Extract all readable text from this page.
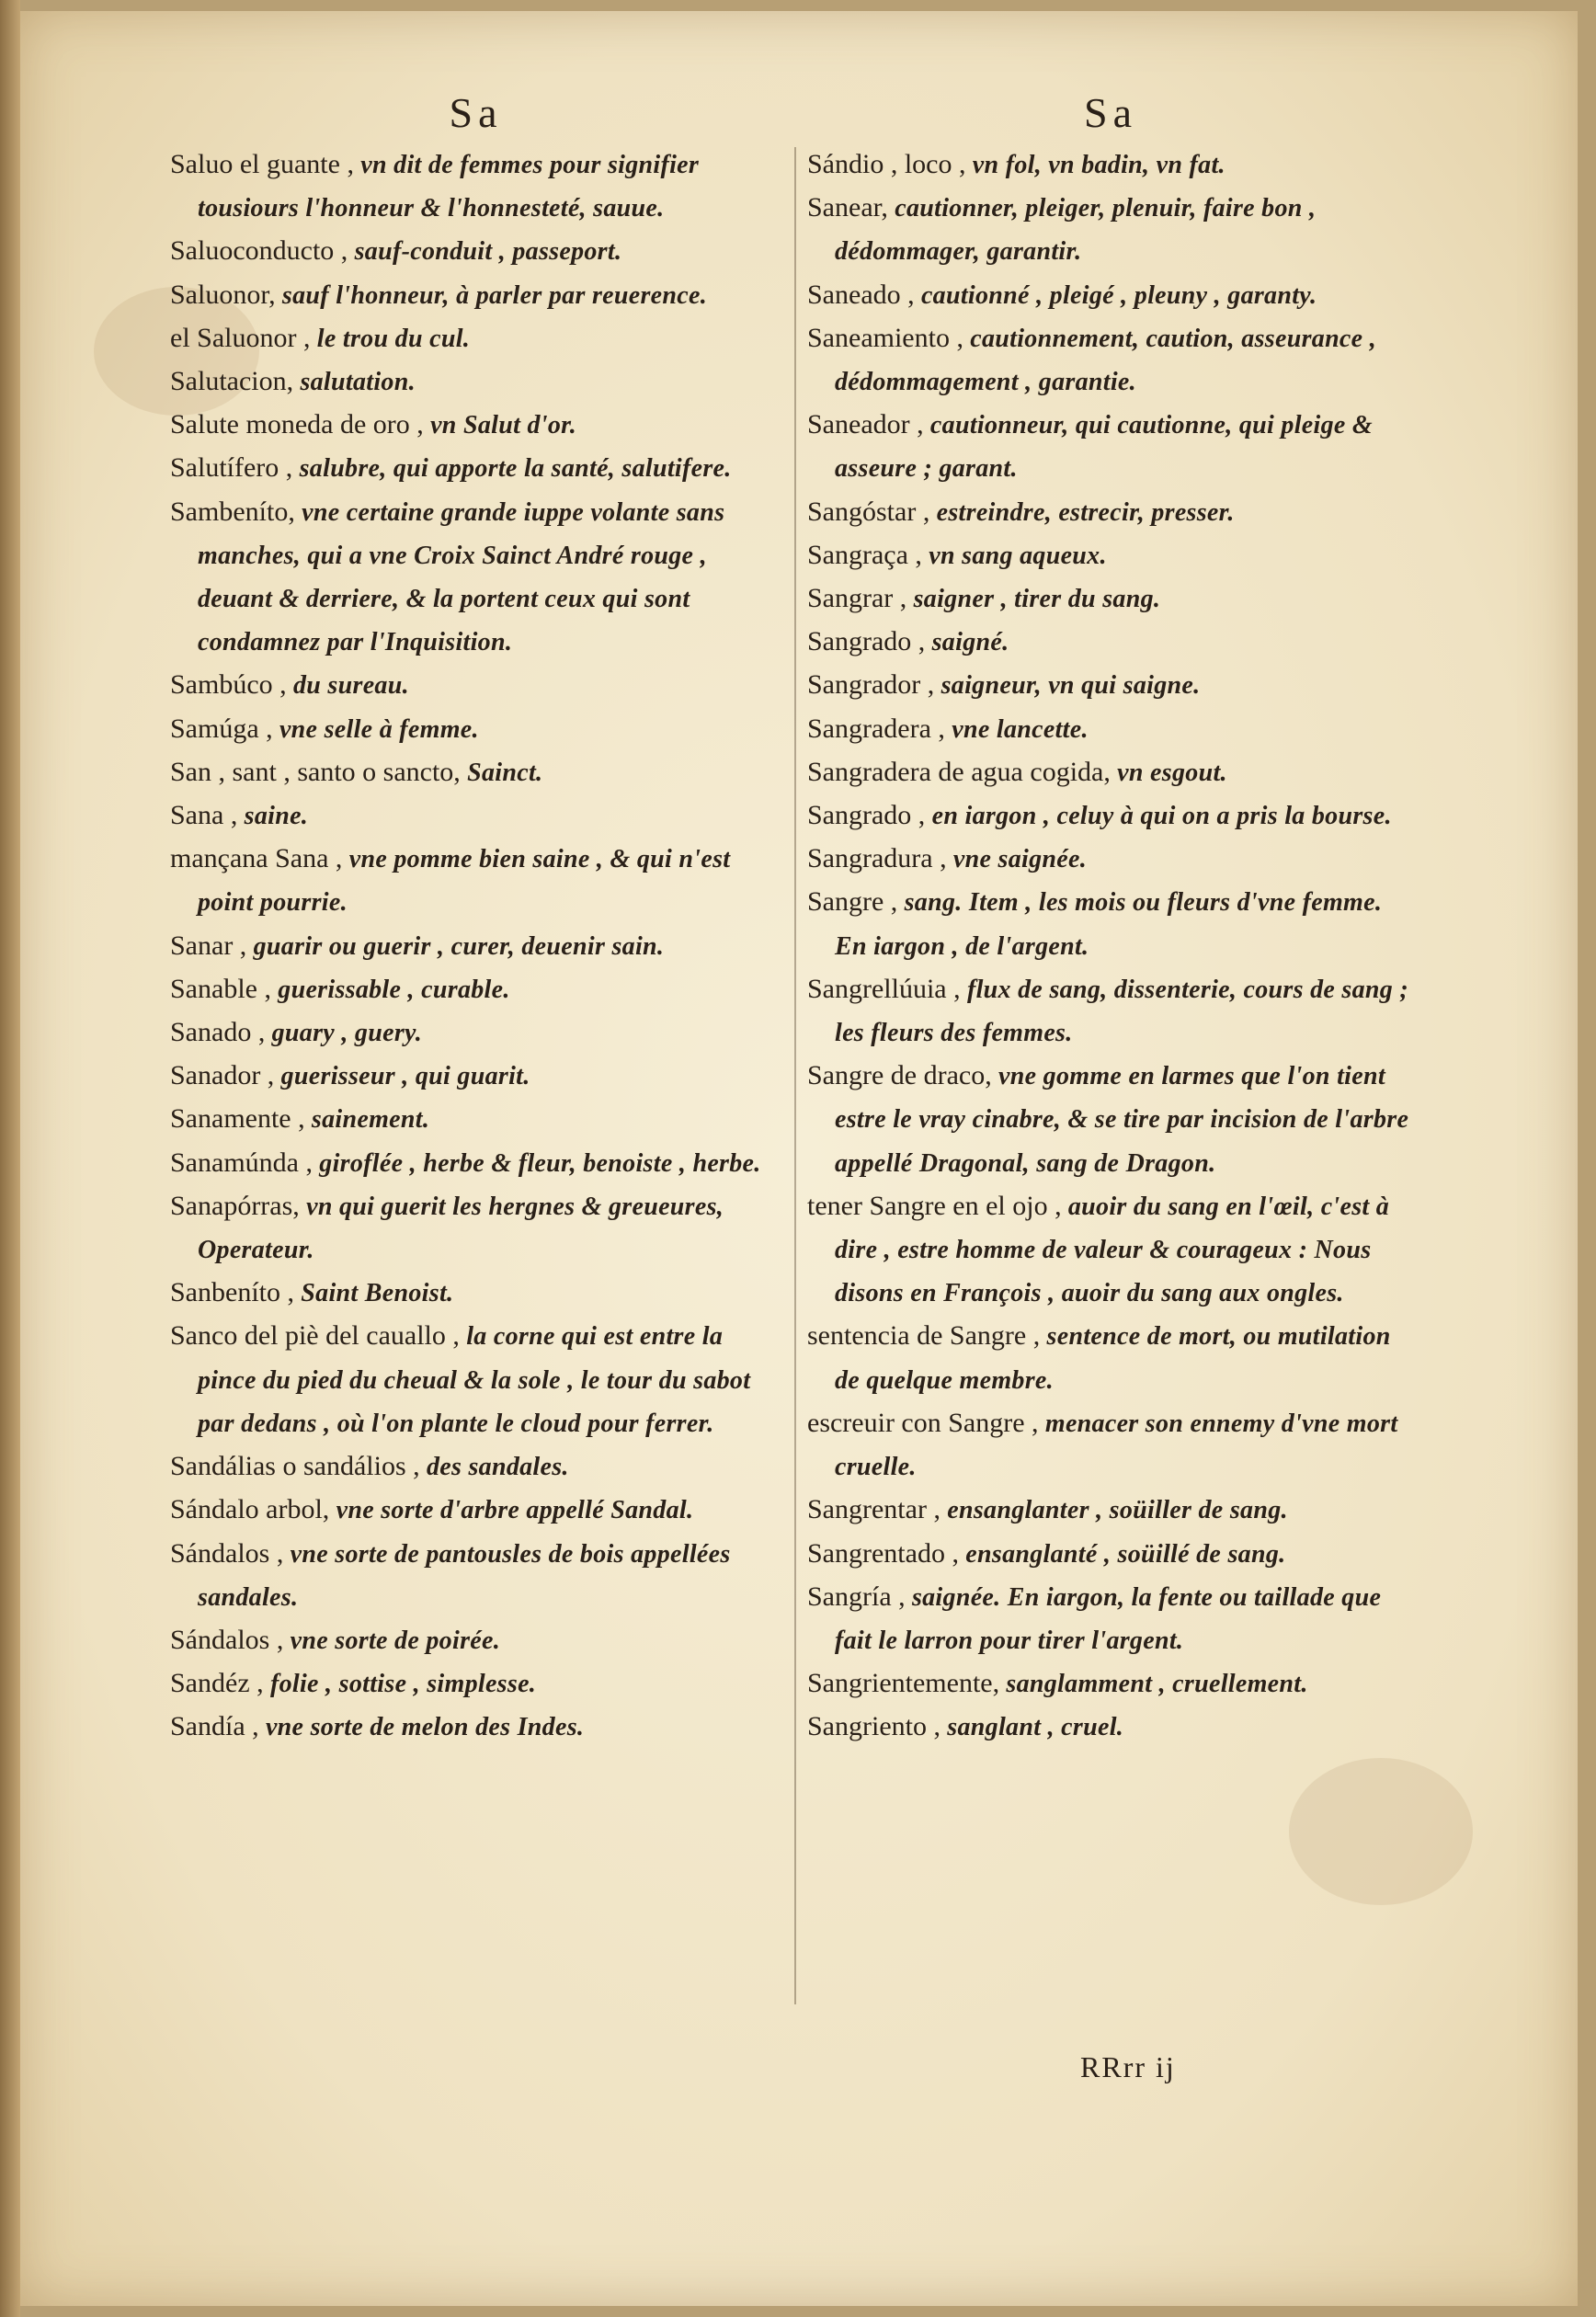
Sa
Saluo el guante , vn dit de femmes pour signifier tousiours l'honneur & l'honnesteté, sauue.
Saluoconducto , sauf-conduit , passeport.
Saluonor, sauf l'honneur, à parler par reuerence.
el Saluonor , le trou du cul.
Salutacion, salutation.
Salute moneda de oro , vn Salut d'or.
Salutífero , salubre, qui apporte la santé, salutifere.
Sambeníto, vne certaine grande iuppe volante sans manches, qui a vne Croix Sainct André rouge , deuant & derriere, & la portent ceux qui sont condamnez par l'Inquisition.
Sambúco , du sureau.
Samúga , vne selle à femme.
San , sant , santo o sancto, Sainct.
Sana , saine.
mançana Sana , vne pomme bien saine , & qui n'est point pourrie.
Sanar , guarir ou guerir , curer, deuenir sain.
Sanable , guerissable , curable.
Sanado , guary , guery.
Sanador , guerisseur , qui guarit.
Sanamente , sainement.
Sanamúnda , giroflée , herbe & fleur, benoiste , herbe.
Sanapórras, vn qui guerit les hergnes & greueures, Operateur.
Sanbeníto , Saint Benoist.
Sanco del piè del cauallo , la corne qui est entre la pince du pied du cheual & la sole , le tour du sabot par dedans , où l'on plante le cloud pour ferrer.
Sandálias o sandálios , des sandales.
Sándalo arbol, vne sorte d'arbre appellé Sandal.
Sándalos , vne sorte de pantousles de bois appellées sandales.
Sándalos , vne sorte de poirée.
Sandéz , folie , sottise , simplesse.
Sandía , vne sorte de melon des Indes.
Sa
Sándio , loco , vn fol, vn badin, vn fat.
Sanear, cautionner, pleiger, plenuir, faire bon , dédommager, garantir.
Saneado , cautionné , pleigé , pleuny , garanty.
Saneamiento , cautionnement, caution, asseurance , dédommagement , garantie.
Saneador , cautionneur, qui cautionne, qui pleige & asseure ; garant.
Sangóstar , estreindre, estrecir, presser.
Sangraça , vn sang aqueux.
Sangrar , saigner , tirer du sang.
Sangrado , saigné.
Sangrador , saigneur, vn qui saigne.
Sangradera , vne lancette.
Sangradera de agua cogida, vn esgout.
Sangrado , en iargon , celuy à qui on a pris la bourse.
Sangradura , vne saignée.
Sangre , sang. Item , les mois ou fleurs d'vne femme. En iargon , de l'argent.
Sangrellúuia , flux de sang, dissenterie, cours de sang ; les fleurs des femmes.
Sangre de draco, vne gomme en larmes que l'on tient estre le vray cinabre, & se tire par incision de l'arbre appellé Dragonal, sang de Dragon.
tener Sangre en el ojo , auoir du sang en l'œil, c'est à dire , estre homme de valeur & courageux : Nous disons en François , auoir du sang aux ongles.
sentencia de Sangre , sentence de mort, ou mutilation de quelque membre.
escreuir con Sangre , menacer son ennemy d'vne mort cruelle.
Sangrentar , ensanglanter , soüiller de sang.
Sangrentado , ensanglanté , soüillé de sang.
Sangría , saignée. En iargon, la fente ou taillade que fait le larron pour tirer l'argent.
Sangrientemente, sanglamment , cruellement.
Sangriento , sanglant , cruel.
RRrr ij
